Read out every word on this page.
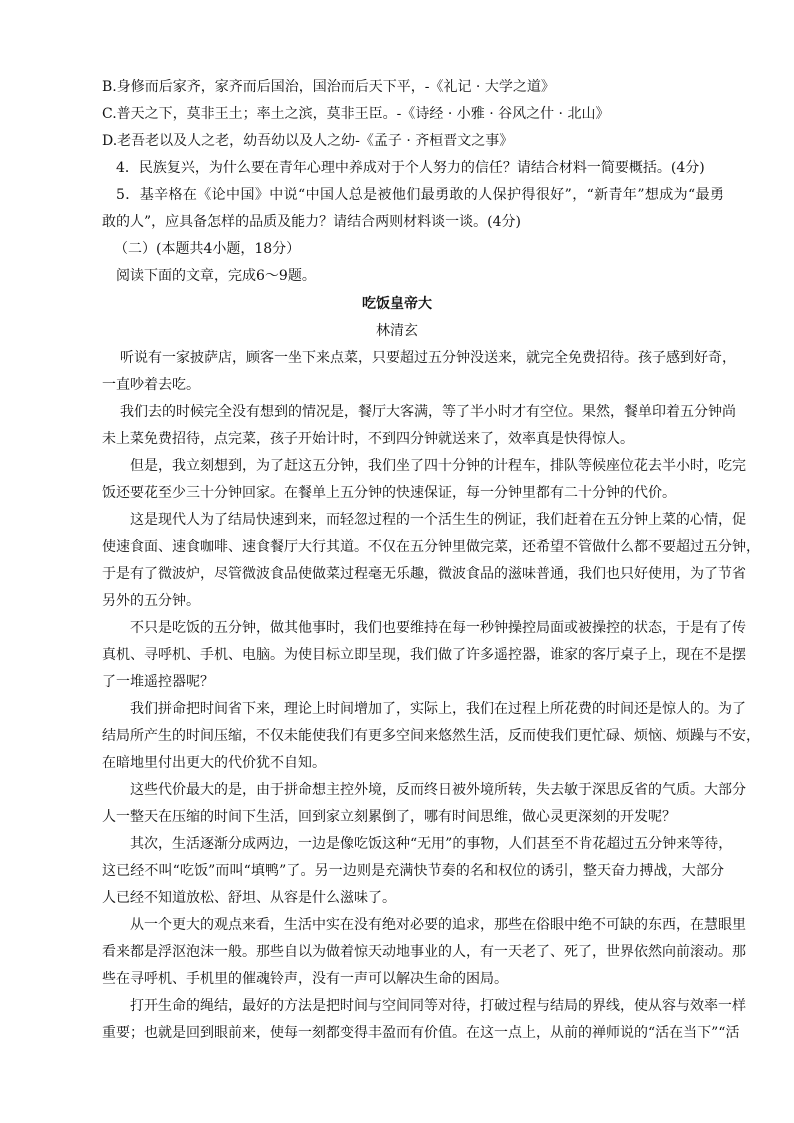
B.身修而后家齐，家齐而后国治，国治而后天下平，-《礼记 · 大学之道》
C.普天之下，莫非王土；率土之滨，莫非王臣。-《诗经 · 小雅 · 谷风之什 · 北山》
D.老吾老以及人之老，幼吾幼以及人之幼-《孟子 · 齐桓晋文之事》
4．民族复兴，为什么要在青年心理中养成对于个人努力的信任？请结合材料一简要概括。(4分)
5．基辛格在《论中国》中说“中国人总是被他们最勇敢的人保护得很好”，“新青年”想成为“最勇
敢的人”，应具备怎样的品质及能力？请结合两则材料谈一谈。(4分)
（二）(本题共4小题，18分）
阅读下面的文章，完成6～9题。
吃饭皇帝大
林清玄
听说有一家披萨店，顾客一坐下来点菜，只要超过五分钟没送来，就完全免费招待。孩子感到好奇，
一直吵着去吃。
我们去的时候完全没有想到的情况是，餐厅大客满，等了半小时才有空位。果然，餐单印着五分钟尚
未上菜免费招待，点完菜，孩子开始计时，不到四分钟就送来了，效率真是快得惊人。
但是，我立刻想到，为了赶这五分钟，我们坐了四十分钟的计程车，排队等候座位花去半小时，吃完
饭还要花至少三十分钟回家。在餐单上五分钟的快速保证，每一分钟里都有二十分钟的代价。
这是现代人为了结局快速到来，而轻忽过程的一个活生生的例证，我们赶着在五分钟上菜的心情，促
使速食面、速食咖啡、速食餐厅大行其道。不仅在五分钟里做完菜，还希望不管做什么都不要超过五分钟，
于是有了微波炉，尽管微波食品使做菜过程毫无乐趣，微波食品的滋味普通，我们也只好使用，为了节省
另外的五分钟。
不只是吃饭的五分钟，做其他事时，我们也要维持在每一秒钟操控局面或被操控的状态，于是有了传
真机、寻呼机、手机、电脑。为使目标立即呈现，我们做了许多遥控器，谁家的客厅桌子上，现在不是摆
了一堆遥控器呢？
我们拼命把时间省下来，理论上时间增加了，实际上，我们在过程上所花费的时间还是惊人的。为了
结局所产生的时间压缩，不仅未能使我们有更多空间来悠然生活，反而使我们更忙碌、烦恼、烦躁与不安，
在暗地里付出更大的代价犹不自知。
这些代价最大的是，由于拼命想主控外境，反而终日被外境所转，失去敏于深思反省的气质。大部分
人一整天在压缩的时间下生活，回到家立刻累倒了，哪有时间思维，做心灵更深刻的开发呢？
其次，生活逐渐分成两边，一边是像吃饭这种“无用”的事物，人们甚至不肯花超过五分钟来等待，
这已经不叫“吃饭”而叫“填鸭”了。另一边则是充满快节奏的名和权位的诱引，整天奋力搏战，大部分
人已经不知道放松、舒坦、从容是什么滋味了。
从一个更大的观点来看，生活中实在没有绝对必要的追求，那些在俗眼中绝不可缺的东西，在慧眼里
看来都是浮沤泡沫一般。那些自以为做着惊天动地事业的人，有一天老了、死了，世界依然向前滚动。那
些在寻呼机、手机里的催魂铃声，没有一声可以解决生命的困局。
打开生命的绳结，最好的方法是把时间与空间同等对待，打破过程与结局的界线，使从容与效率一样
重要；也就是回到眼前来，使每一刻都变得丰盈而有价值。在这一点上，从前的禅师说的“活在当下”“活
